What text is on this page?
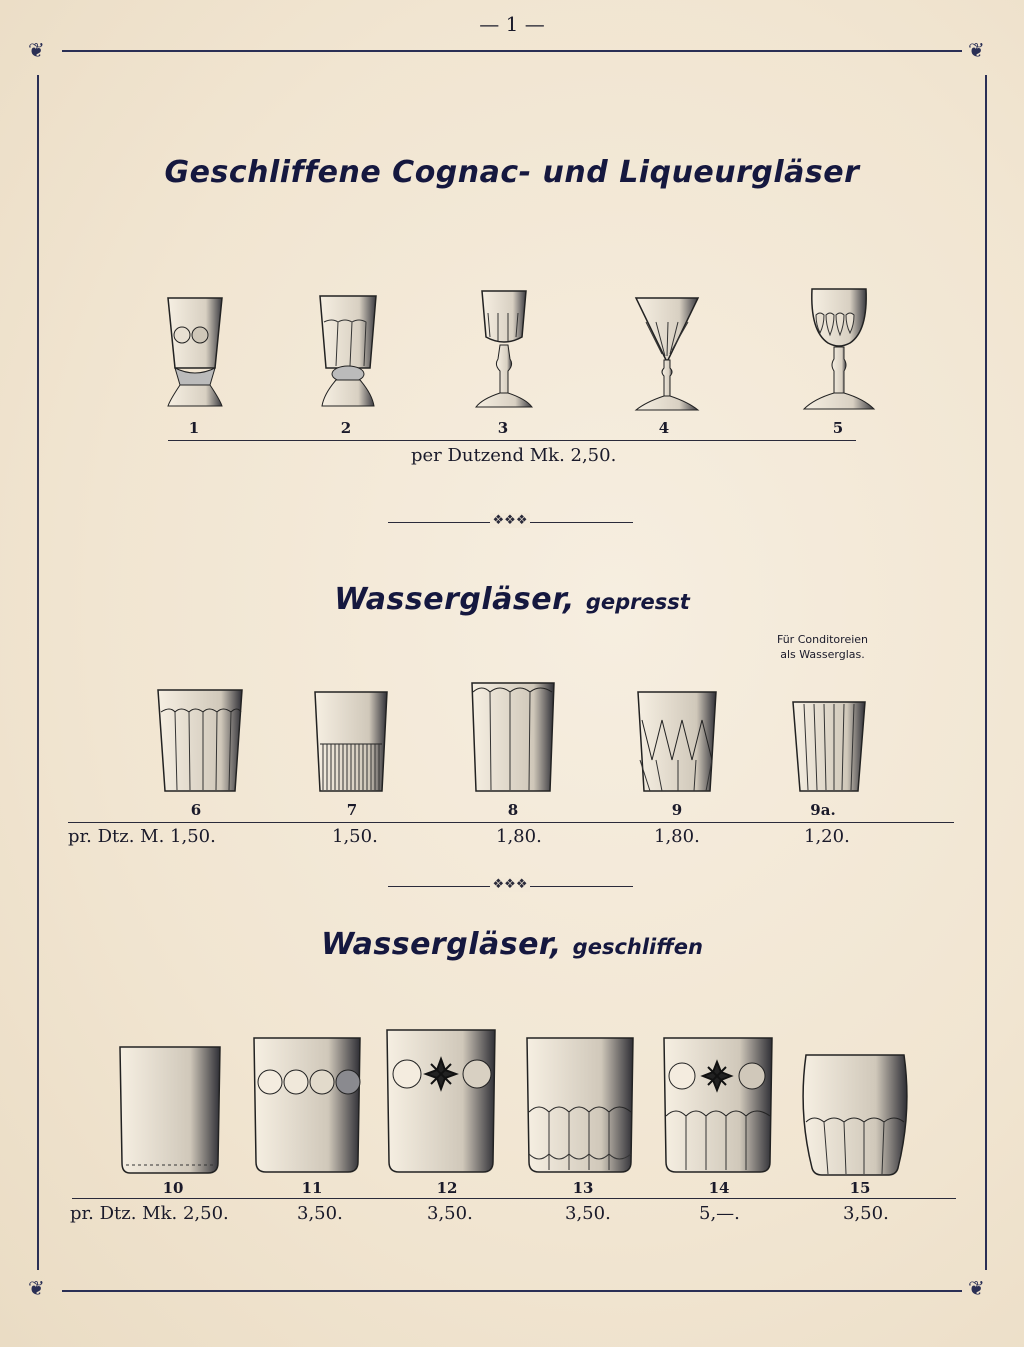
❦	❦
❦	❦
— 1 —
Geschliffene Cognac- und Liqueurgläser
1	2	3	4	5
per Dutzend Mk. 2,50.
❖❖❖
Wassergläser, gepresst
Für Conditoreien
als Wasserglas.
6	7	8	9	9a.
pr. Dtz. M. 1,50.	1,50.	1,80.	1,80.	1,20.
❖❖❖
Wassergläser, geschliffen
10	11	12	13	14	15
pr. Dtz. Mk. 2,50.	3,50.	3,50.	3,50.	5,—.	3,50.
